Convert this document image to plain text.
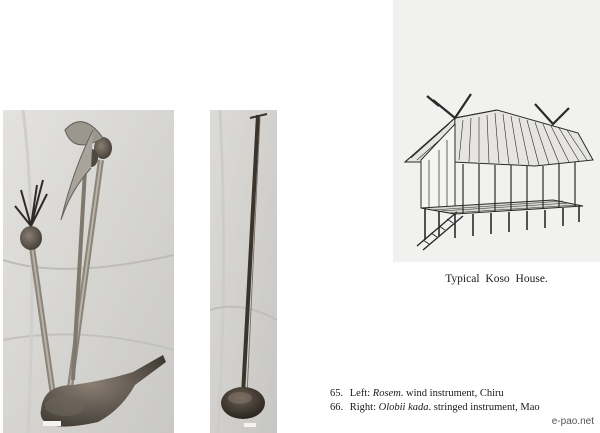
Typical Koso House.
65. Left: Rosem. wind instrument, Chiru
66. Right: Olobii kada. stringed instrument, Mao
e-pao.net
